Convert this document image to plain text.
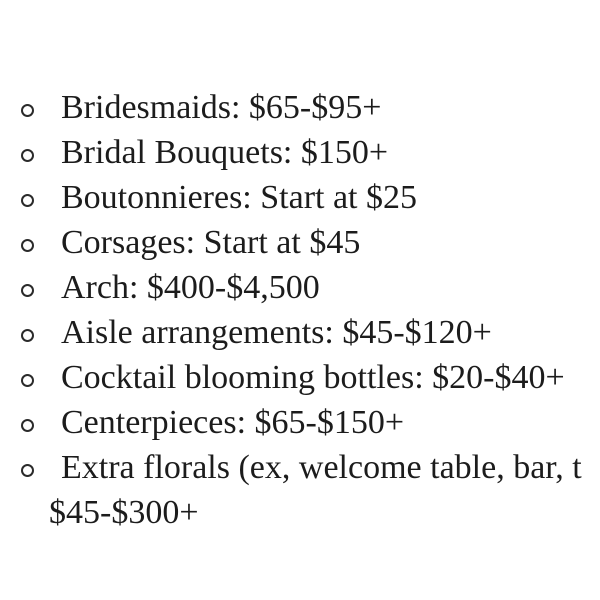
Bridesmaids: $65-$95+
Bridal Bouquets: $150+
Boutonnieres: Start at $25
Corsages: Start at $45
Arch: $400-$4,500
Aisle arrangements: $45-$120+
Cocktail blooming bottles: $20-$40+
Centerpieces: $65-$150+
Extra florals (ex, welcome table, bar, t
$45-$300+
